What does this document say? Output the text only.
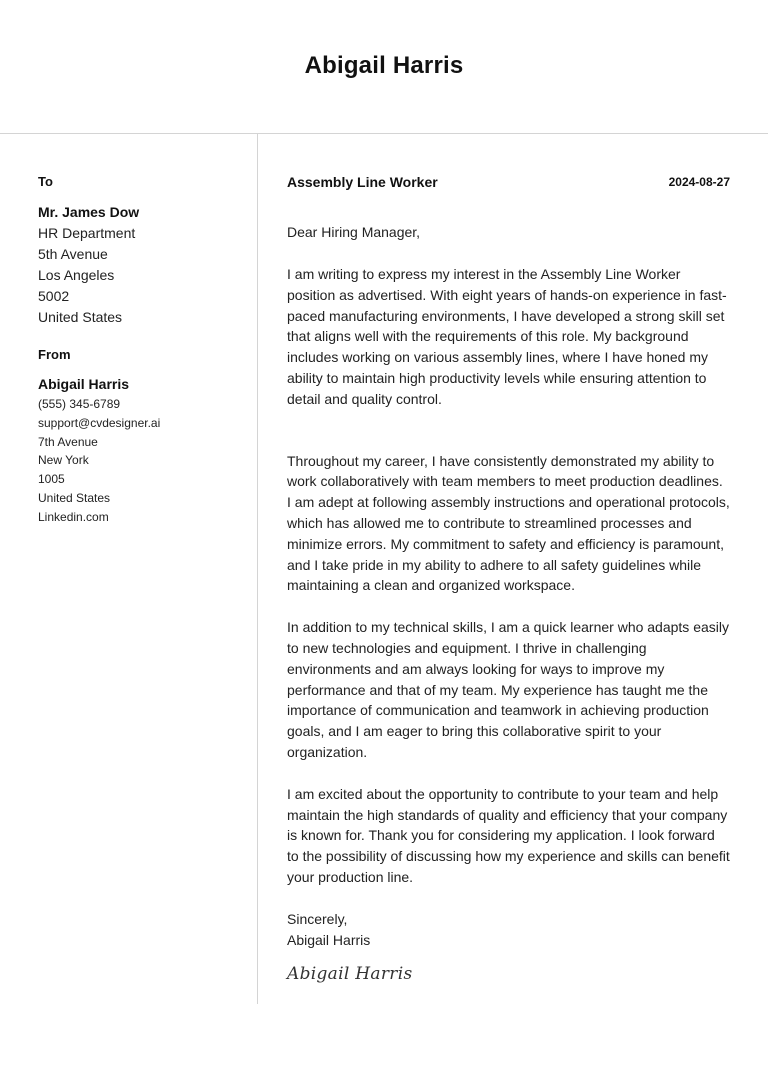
Abigail Harris
To
Mr. James Dow
HR Department
5th Avenue
Los Angeles
5002
United States
From
Abigail Harris
(555) 345-6789
support@cvdesigner.ai
7th Avenue
New York
1005
United States
Linkedin.com
Assembly Line Worker	2024-08-27
Dear Hiring Manager,
I am writing to express my interest in the Assembly Line Worker position as advertised. With eight years of hands-on experience in fast-paced manufacturing environments, I have developed a strong skill set that aligns well with the requirements of this role. My background includes working on various assembly lines, where I have honed my ability to maintain high productivity levels while ensuring attention to detail and quality control.
Throughout my career, I have consistently demonstrated my ability to work collaboratively with team members to meet production deadlines. I am adept at following assembly instructions and operational protocols, which has allowed me to contribute to streamlined processes and minimize errors. My commitment to safety and efficiency is paramount, and I take pride in my ability to adhere to all safety guidelines while maintaining a clean and organized workspace.
In addition to my technical skills, I am a quick learner who adapts easily to new technologies and equipment. I thrive in challenging environments and am always looking for ways to improve my performance and that of my team. My experience has taught me the importance of communication and teamwork in achieving production goals, and I am eager to bring this collaborative spirit to your organization.
I am excited about the opportunity to contribute to your team and help maintain the high standards of quality and efficiency that your company is known for. Thank you for considering my application. I look forward to the possibility of discussing how my experience and skills can benefit your production line.
Sincerely,
Abigail Harris
Abigail Harris
